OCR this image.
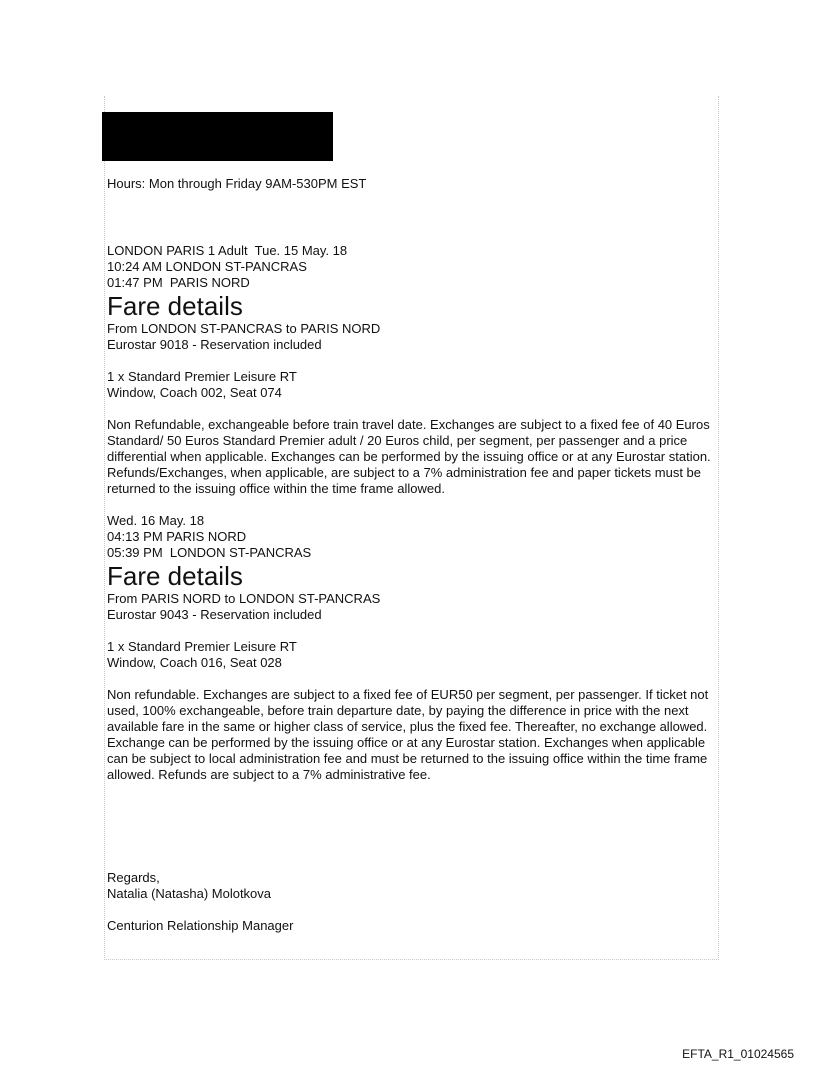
Hours: Mon through Friday 9AM-530PM EST
LONDON PARIS 1 Adult  Tue. 15 May. 18
10:24 AM LONDON ST-PANCRAS
01:47 PM  PARIS NORD
Fare details
From LONDON ST-PANCRAS to PARIS NORD
Eurostar 9018 - Reservation included
1 x Standard Premier Leisure RT
Window, Coach 002, Seat 074
Non Refundable, exchangeable before train travel date. Exchanges are subject to a fixed fee of 40 Euros Standard/ 50 Euros Standard Premier adult / 20 Euros child, per segment, per passenger and a price differential when applicable. Exchanges can be performed by the issuing office or at any Eurostar station. Refunds/Exchanges, when applicable, are subject to a 7% administration fee and paper tickets must be returned to the issuing office within the time frame allowed.
Wed. 16 May. 18
04:13 PM PARIS NORD
05:39 PM  LONDON ST-PANCRAS
Fare details
From PARIS NORD to LONDON ST-PANCRAS
Eurostar 9043 - Reservation included
1 x Standard Premier Leisure RT
Window, Coach 016, Seat 028
Non refundable. Exchanges are subject to a fixed fee of EUR50 per segment, per passenger. If ticket not used, 100% exchangeable, before train departure date, by paying the difference in price with the next available fare in the same or higher class of service, plus the fixed fee. Thereafter, no exchange allowed. Exchange can be performed by the issuing office or at any Eurostar station. Exchanges when applicable can be subject to local administration fee and must be returned to the issuing office within the time frame allowed. Refunds are subject to a 7% administrative fee.
Regards,
Natalia (Natasha) Molotkova
Centurion Relationship Manager
EFTA_R1_01024565
